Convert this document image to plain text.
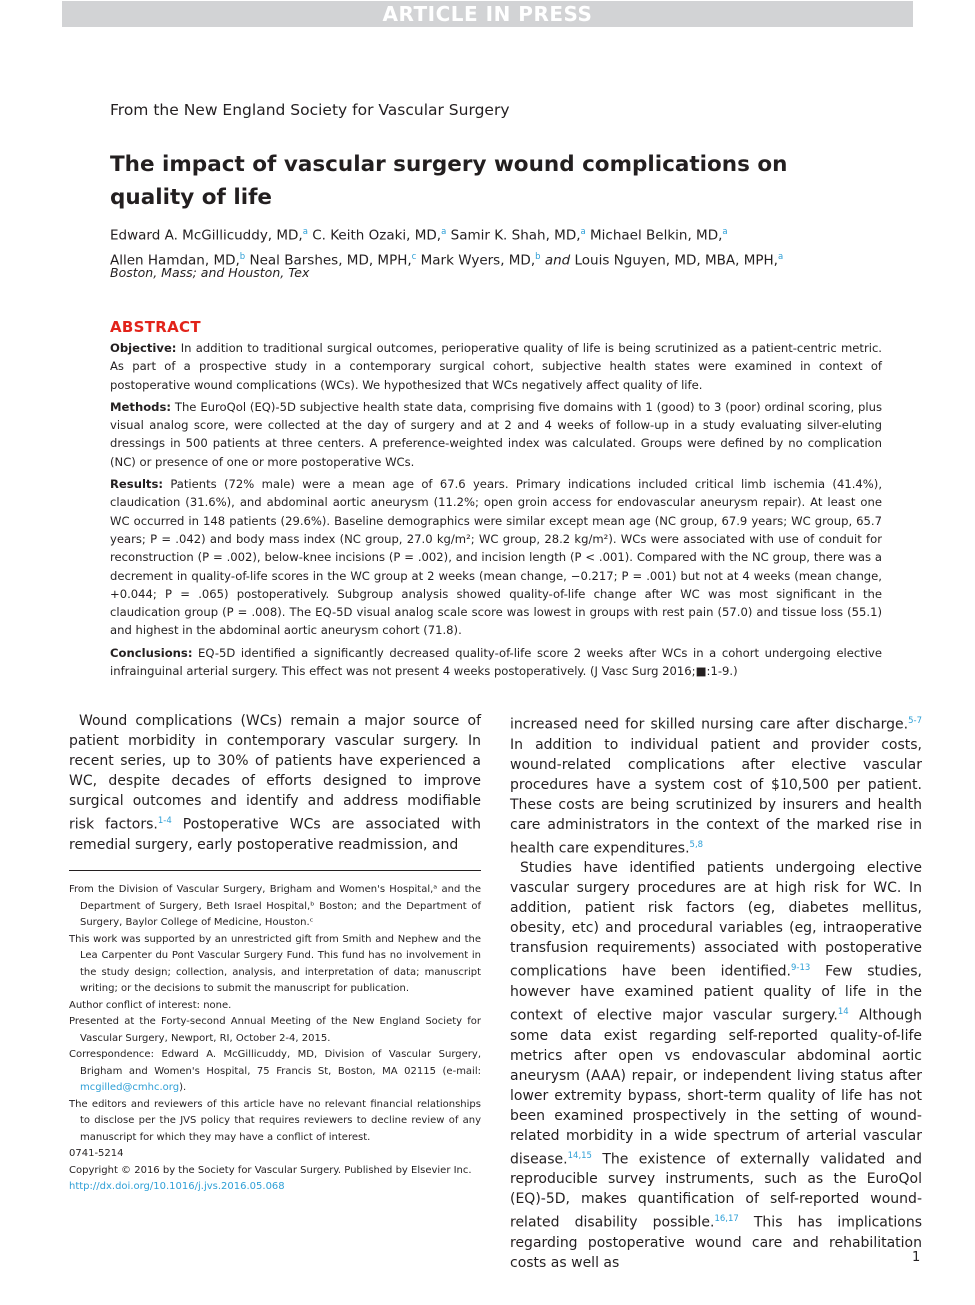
ARTICLE IN PRESS
From the New England Society for Vascular Surgery
The impact of vascular surgery wound complications on quality of life
Edward A. McGillicuddy, MD,$^a$ C. Keith Ozaki, MD,$^a$ Samir K. Shah, MD,$^a$ Michael Belkin, MD,$^a$
Allen Hamdan, MD,$^b$ Neal Barshes, MD, MPH,$^c$ Mark Wyers, MD,$^b$ and Louis Nguyen, MD, MBA, MPH,$^a$
Boston, Mass; and Houston, Tex
ABSTRACT

Objective: In addition to traditional surgical outcomes, perioperative quality of life is being scrutinized as a patient-centric metric. As part of a prospective study in a contemporary surgical cohort, subjective health states were examined in context of postoperative wound complications (WCs). We hypothesized that WCs negatively affect quality of life.

Methods: The EuroQol (EQ)-5D subjective health state data, comprising five domains with 1 (good) to 3 (poor) ordinal scoring, plus visual analog score, were collected at the day of surgery and at 2 and 4 weeks of follow-up in a study evaluating silver-eluting dressings in 500 patients at three centers. A preference-weighted index was calculated. Groups were defined by no complication (NC) or presence of one or more postoperative WCs.

Results: Patients (72% male) were a mean age of 67.6 years. Primary indications included critical limb ischemia (41.4%), claudication (31.6%), and abdominal aortic aneurysm (11.2%; open groin access for endovascular aneurysm repair). At least one WC occurred in 148 patients (29.6%). Baseline demographics were similar except mean age (NC group, 67.9 years; WC group, 65.7 years; P = .042) and body mass index (NC group, 27.0 kg/m²; WC group, 28.2 kg/m²). WCs were associated with use of conduit for reconstruction (P = .002), below-knee incisions (P = .002), and incision length (P < .001). Compared with the NC group, there was a decrement in quality-of-life scores in the WC group at 2 weeks (mean change, −0.217; P = .001) but not at 4 weeks (mean change, +0.044; P = .065) postoperatively. Subgroup analysis showed quality-of-life change after WC was most significant in the claudication group (P = .008). The EQ-5D visual analog scale score was lowest in groups with rest pain (57.0) and tissue loss (55.1) and highest in the abdominal aortic aneurysm cohort (71.8).

Conclusions: EQ-5D identified a significantly decreased quality-of-life score 2 weeks after WCs in a cohort undergoing elective infrainguinal arterial surgery. This effect was not present 4 weeks postoperatively. (J Vasc Surg 2016;■:1-9.)

Wound complications (WCs) remain a major source of patient morbidity in contemporary vascular surgery. In recent series, up to 30% of patients have experienced a WC, despite decades of efforts designed to improve surgical outcomes and identify and address modifiable risk factors.$^{1-4}$ Postoperative WCs are associated with remedial surgery, early postoperative readmission, and

From the Division of Vascular Surgery, Brigham and Women's Hospital,ᵃ and the Department of Surgery, Beth Israel Hospital,ᵇ Boston; and the Department of Surgery, Baylor College of Medicine, Houston.ᶜ

This work was supported by an unrestricted gift from Smith and Nephew and the Lea Carpenter du Pont Vascular Surgery Fund. This fund has no involvement in the study design; collection, analysis, and interpretation of data; manuscript writing; or the decisions to submit the manuscript for publication.

Author conflict of interest: none.

Presented at the Forty-second Annual Meeting of the New England Society for Vascular Surgery, Newport, RI, October 2-4, 2015.

Correspondence: Edward A. McGillicuddy, MD, Division of Vascular Surgery, Brigham and Women's Hospital, 75 Francis St, Boston, MA 02115 (e-mail: mcgilled@cmhc.org).

The editors and reviewers of this article have no relevant financial relationships to disclose per the JVS policy that requires reviewers to decline review of any manuscript for which they may have a conflict of interest.

0741-5214

Copyright © 2016 by the Society for Vascular Surgery. Published by Elsevier Inc.

http://dx.doi.org/10.1016/j.jvs.2016.05.068

increased need for skilled nursing care after discharge.$^{5-7}$ In addition to individual patient and provider costs, wound-related complications after elective vascular procedures have a system cost of $10,500 per patient. These costs are being scrutinized by insurers and health care administrators in the context of the marked rise in health care expenditures.$^{5,8}$

Studies have identified patients undergoing elective vascular surgery procedures are at high risk for WC. In addition, patient risk factors (eg, diabetes mellitus, obesity, etc) and procedural variables (eg, intraoperative transfusion requirements) associated with postoperative complications have been identified.$^{9-13}$ Few studies, however have examined patient quality of life in the context of elective major vascular surgery.$^{14}$ Although some data exist regarding self-reported quality-of-life metrics after open vs endovascular abdominal aortic aneurysm (AAA) repair, or independent living status after lower extremity bypass, short-term quality of life has not been examined prospectively in the setting of wound-related morbidity in a wide spectrum of arterial vascular disease.$^{14,15}$ The existence of externally validated and reproducible survey instruments, such as the EuroQol (EQ)-5D, makes quantification of self-reported wound-related disability possible.$^{16,17}$ This has implications regarding postoperative wound care and rehabilitation costs as well as	1
